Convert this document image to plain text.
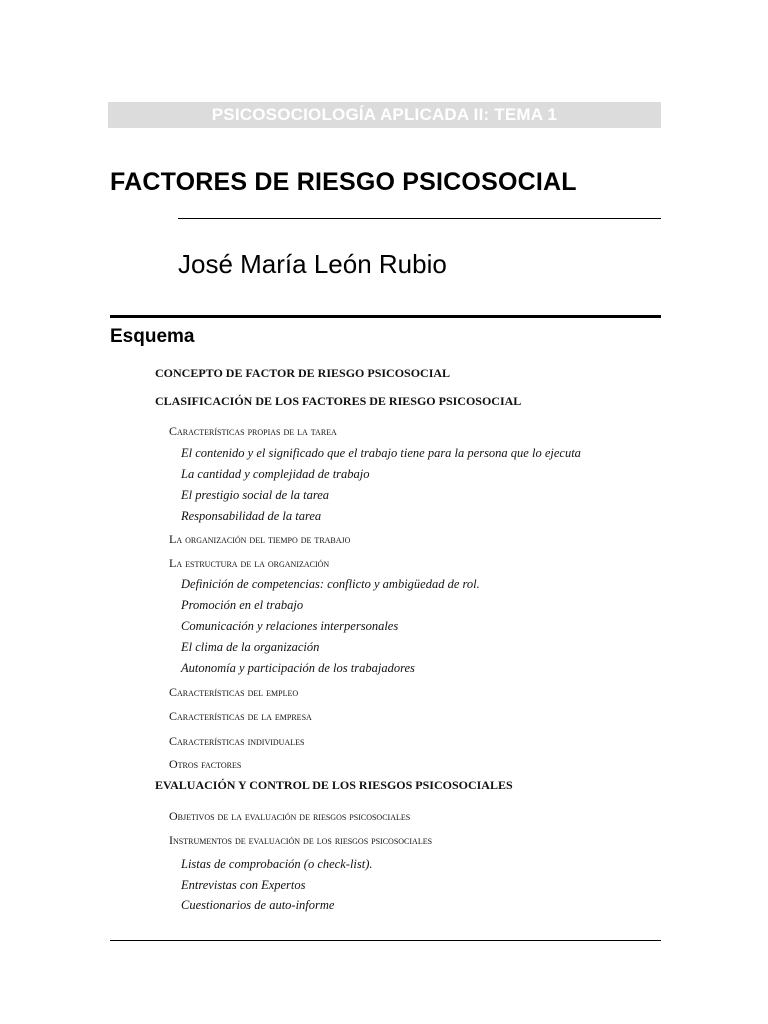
PSICOSOCIOLOGÍA APLICADA II: TEMA 1
FACTORES DE RIESGO PSICOSOCIAL
José María León Rubio
Esquema
CONCEPTO DE FACTOR DE RIESGO PSICOSOCIAL
CLASIFICACIÓN DE LOS FACTORES DE RIESGO PSICOSOCIAL
Características propias de la tarea
El contenido y el significado que el trabajo tiene para la persona que lo ejecuta
La cantidad y complejidad de trabajo
El prestigio social de la tarea
Responsabilidad de la tarea
La organización del tiempo de trabajo
La estructura de la organización
Definición de competencias: conflicto y ambigüedad de rol.
Promoción en el trabajo
Comunicación y relaciones interpersonales
El clima de la organización
Autonomía y participación de los trabajadores
Características del empleo
Características de la empresa
Características individuales
Otros factores
EVALUACIÓN Y CONTROL DE LOS RIESGOS PSICOSOCIALES
Objetivos de la evaluación de riesgos psicosociales
Instrumentos de evaluación de los riesgos psicosociales
Listas de comprobación (o check-list).
Entrevistas con Expertos
Cuestionarios de auto-informe
